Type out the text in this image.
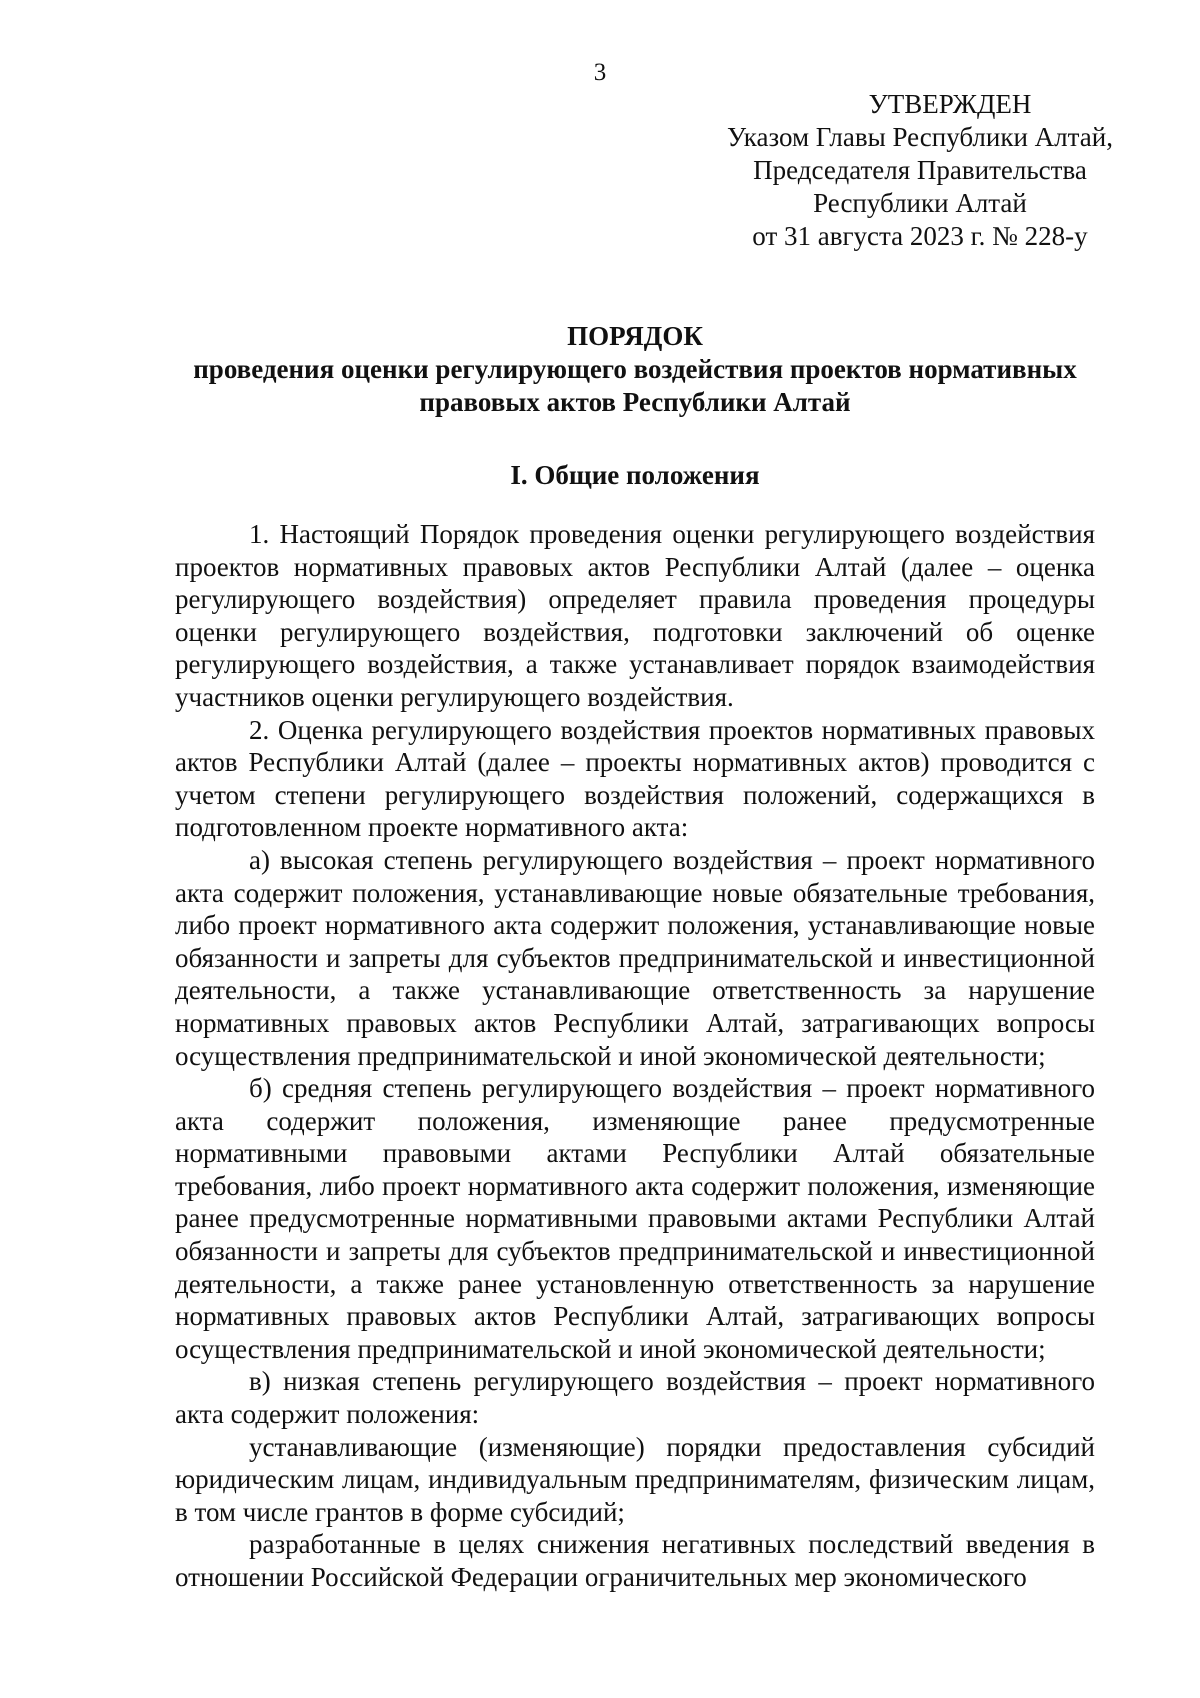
3
УТВЕРЖДЕН
Указом Главы Республики Алтай,
Председателя Правительства
Республики Алтай
от 31 августа 2023 г. № 228-у
ПОРЯДОК
проведения оценки регулирующего воздействия проектов нормативных
правовых актов Республики Алтай
I. Общие положения

1. Настоящий Порядок проведения оценки регулирующего воздействия проектов нормативных правовых актов Республики Алтай (далее – оценка регулирующего воздействия) определяет правила проведения процедуры оценки регулирующего воздействия, подготовки заключений об оценке регулирующего воздействия, а также устанавливает порядок взаимодействия участников оценки регулирующего воздействия.

2. Оценка регулирующего воздействия проектов нормативных правовых актов Республики Алтай (далее – проекты нормативных актов) проводится с учетом степени регулирующего воздействия положений, содержащихся в подготовленном проекте нормативного акта:

а) высокая степень регулирующего воздействия – проект нормативного акта содержит положения, устанавливающие новые обязательные требования, либо проект нормативного акта содержит положения, устанавливающие новые обязанности и запреты для субъектов предпринимательской и инвестиционной деятельности, а также устанавливающие ответственность за нарушение нормативных правовых актов Республики Алтай, затрагивающих вопросы осуществления предпринимательской и иной экономической деятельности;

б) средняя степень регулирующего воздействия – проект нормативного акта содержит положения, изменяющие ранее предусмотренные нормативными правовыми актами Республики Алтай обязательные требования, либо проект нормативного акта содержит положения, изменяющие ранее предусмотренные нормативными правовыми актами Республики Алтай обязанности и запреты для субъектов предпринимательской и инвестиционной деятельности, а также ранее установленную ответственность за нарушение нормативных правовых актов Республики Алтай, затрагивающих вопросы осуществления предпринимательской и иной экономической деятельности;

в) низкая степень регулирующего воздействия – проект нормативного акта содержит положения:

устанавливающие (изменяющие) порядки предоставления субсидий юридическим лицам, индивидуальным предпринимателям, физическим лицам, в том числе грантов в форме субсидий;

разработанные в целях снижения негативных последствий введения в отношении Российской Федерации ограничительных мер экономического
